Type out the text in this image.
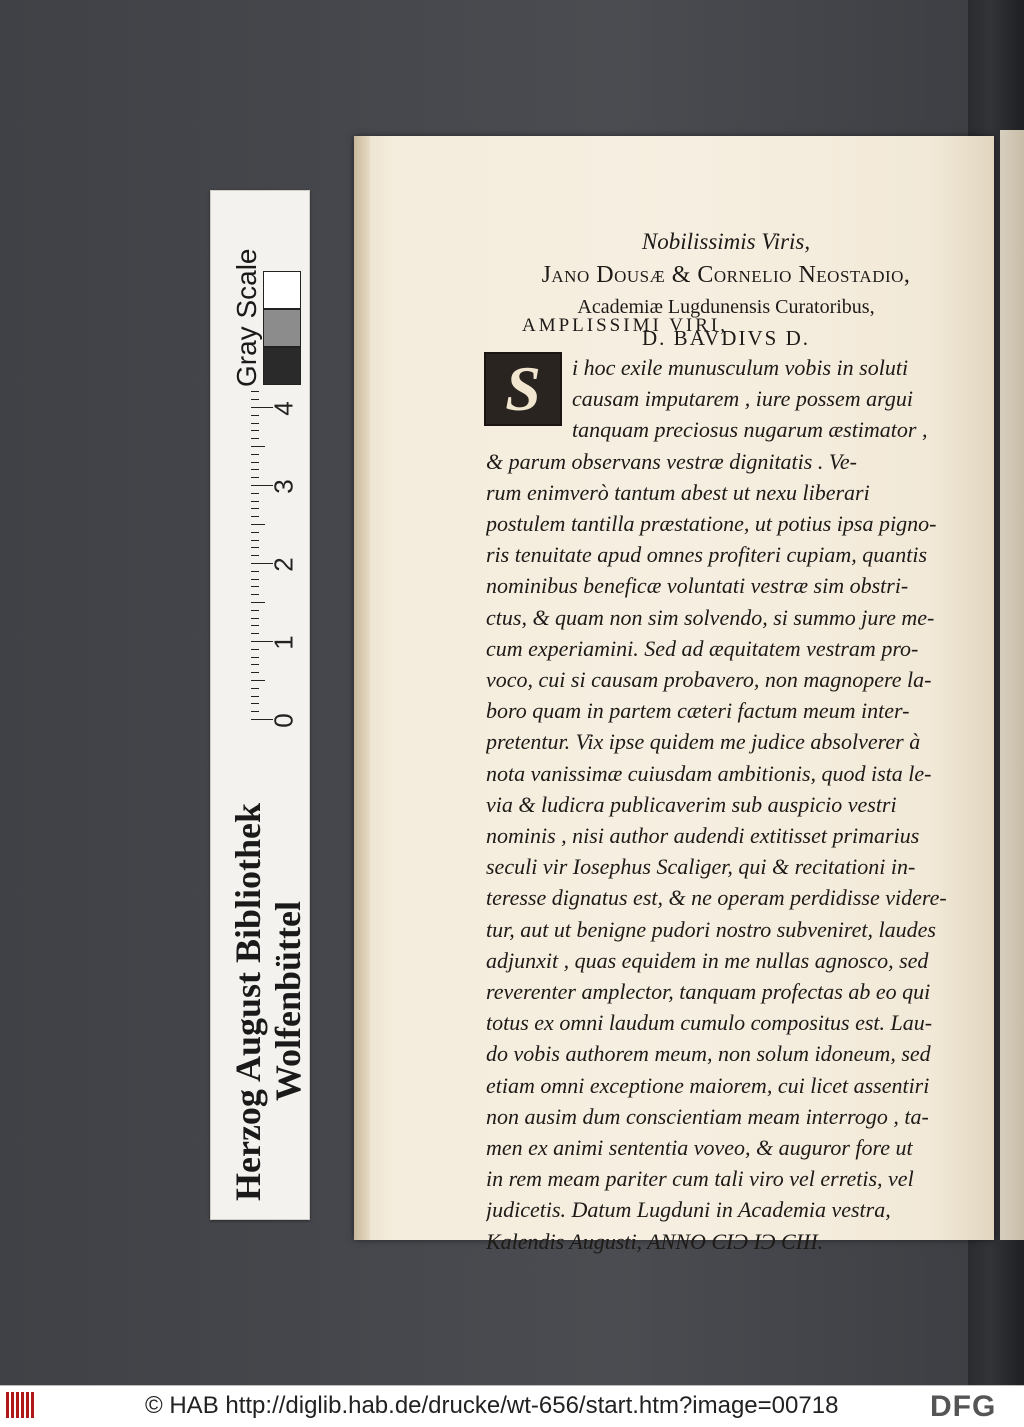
Herzog August Bibliothek Wolfenbüttel
Gray Scale
0
1
2
3
4
Nobilissimis Viris,
Jano Dousæ & Cornelio Neostadio,
Academiæ Lugdunensis Curatoribus,
D. BAVDIVS D.
AMPLISSIMI VIRI,
S	i hoc exile munusculum vobis in soluti
causam imputarem , iure possem argui
tanquam preciosus nugarum æstimator ,
& parum observans vestræ dignitatis . Ve-
rum enimverò tantum abest ut nexu liberari
postulem tantilla præstatione, ut potius ipsa pigno-
ris tenuitate apud omnes profiteri cupiam, quantis
nominibus beneficæ voluntati vestræ sim obstri-
ctus, & quam non sim solvendo, si summo jure me-
cum experiamini. Sed ad æquitatem vestram pro-
voco, cui si causam probavero, non magnopere la-
boro quam in partem cæteri factum meum inter-
pretentur. Vix ipse quidem me judice absolverer à
nota vanissimæ cuiusdam ambitionis, quod ista le-
via & ludicra publicaverim sub auspicio vestri
nominis , nisi author audendi extitisset primarius
seculi vir Iosephus Scaliger, qui & recitationi in-
teresse dignatus est, & ne operam perdidisse videre-
tur, aut ut benigne pudori nostro subveniret, laudes
adjunxit , quas equidem in me nullas agnosco, sed
reverenter amplector, tanquam profectas ab eo qui
totus ex omni laudum cumulo compositus est. Lau-
do vobis authorem meum, non solum idoneum, sed
etiam omni exceptione maiorem, cui licet assentiri
non ausim dum conscientiam meam interrogo , ta-
men ex animi sententia voveo, & auguror fore ut
in rem meam pariter cum tali viro vel erretis, vel
judicetis. Datum Lugduni in Academia vestra,
Kalendis Augusti, ANNO CIϽ IϽ CIII.
© HAB http://diglib.hab.de/drucke/wt-656/start.htm?image=00718	DFG
